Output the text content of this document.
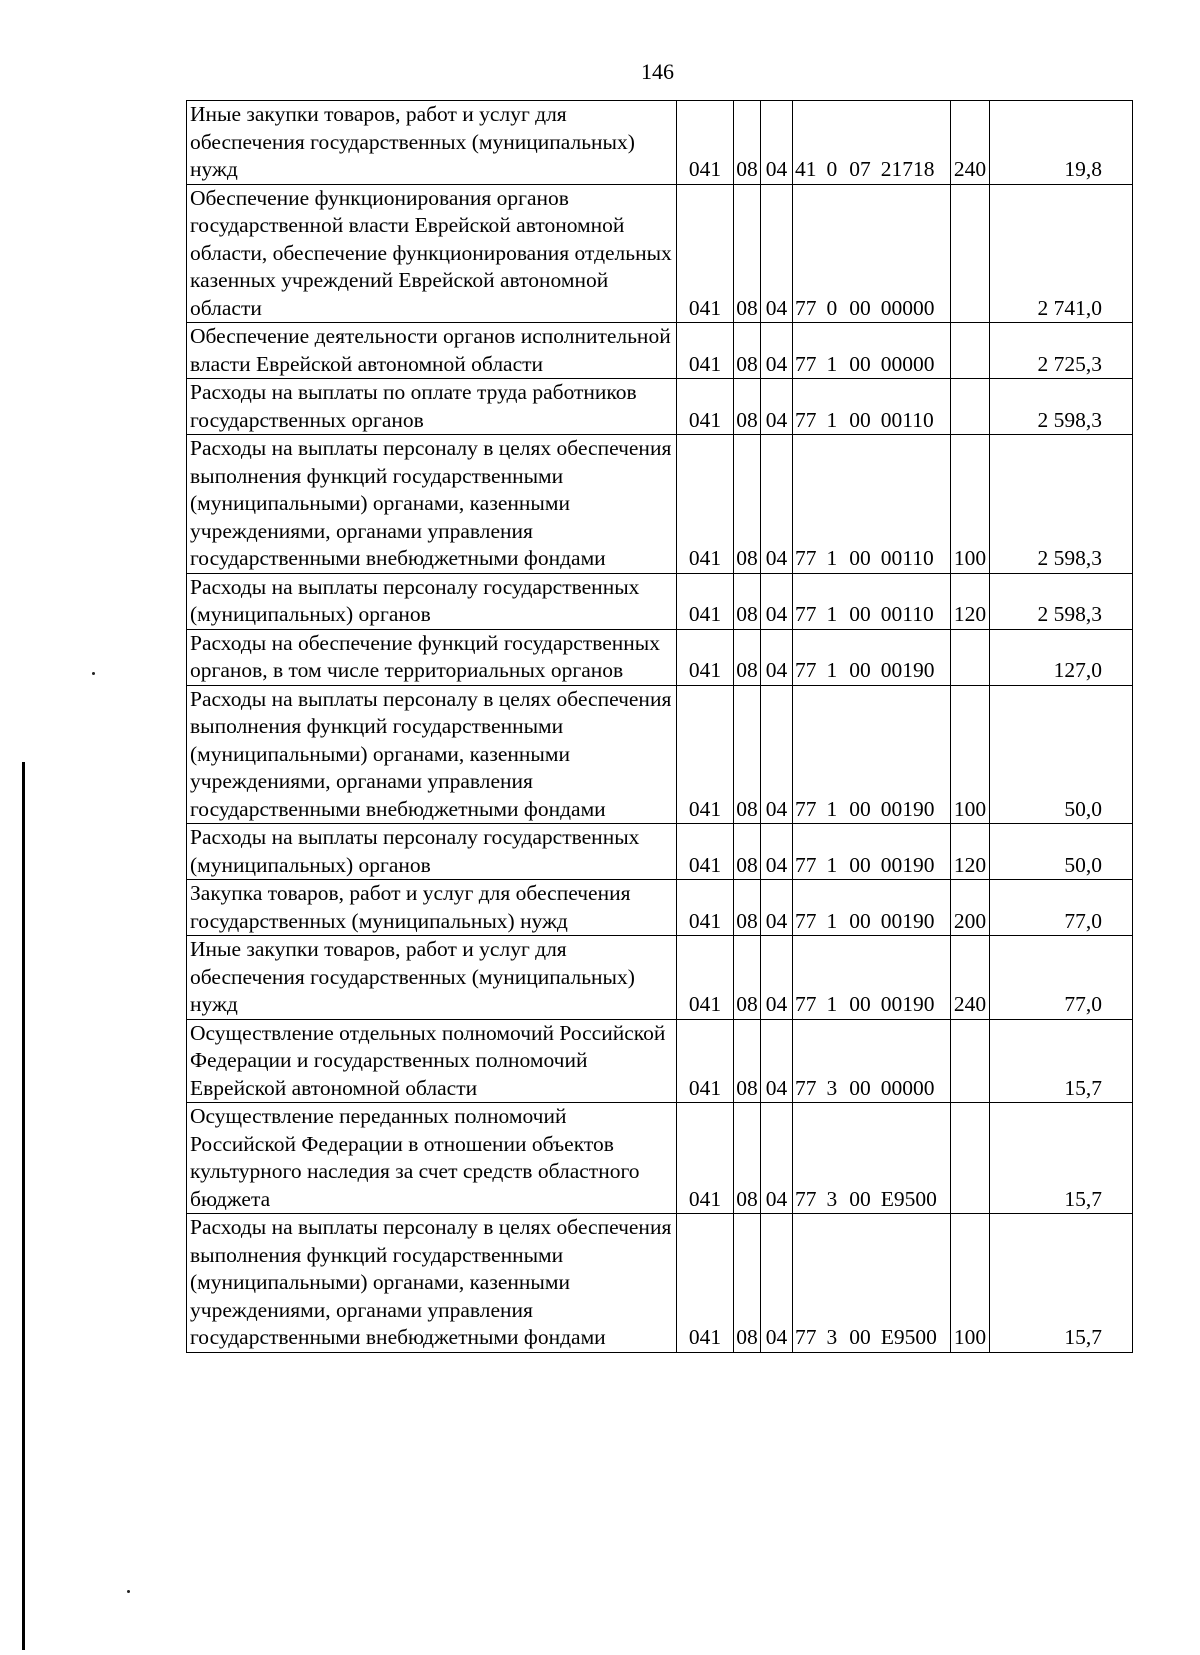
146
Иные закупки товаров, работ и услуг для обеспечения государственных (муниципальных) нужд	041	08	04	41 0 07 21718	240	19,8
Обеспечение функционирования органов государственной власти Еврейской автономной области, обеспечение функционирования отдельных казенных учреждений Еврейской автономной области	041	08	04	77 0 00 00000		2 741,0
Обеспечение деятельности органов исполнительной власти Еврейской автономной области	041	08	04	77 1 00 00000		2 725,3
Расходы на выплаты по оплате труда работников государственных органов	041	08	04	77 1 00 00110		2 598,3
Расходы на выплаты персоналу в целях обеспечения выполнения функций государственными (муниципальными) органами, казенными учреждениями, органами управления государственными внебюджетными фондами	041	08	04	77 1 00 00110	100	2 598,3
Расходы на выплаты персоналу государственных (муниципальных) органов	041	08	04	77 1 00 00110	120	2 598,3
Расходы на обеспечение функций государственных органов, в том числе территориальных органов	041	08	04	77 1 00 00190		127,0
Расходы на выплаты персоналу в целях обеспечения выполнения функций государственными (муниципальными) органами, казенными учреждениями, органами управления государственными внебюджетными фондами	041	08	04	77 1 00 00190	100	50,0
Расходы на выплаты персоналу государственных (муниципальных) органов	041	08	04	77 1 00 00190	120	50,0
Закупка товаров, работ и услуг для обеспечения государственных (муниципальных) нужд	041	08	04	77 1 00 00190	200	77,0
Иные закупки товаров, работ и услуг для обеспечения государственных (муниципальных) нужд	041	08	04	77 1 00 00190	240	77,0
Осуществление отдельных полномочий Российской Федерации и государственных полномочий Еврейской автономной области	041	08	04	77 3 00 00000		15,7
Осуществление переданных полномочий Российской Федерации в отношении объектов культурного наследия за счет средств областного бюджета	041	08	04	77 3 00 Е9500		15,7
Расходы на выплаты персоналу в целях обеспечения выполнения функций государственными (муниципальными) органами, казенными учреждениями, органами управления государственными внебюджетными фондами	041	08	04	77 3 00 Е9500	100	15,7
